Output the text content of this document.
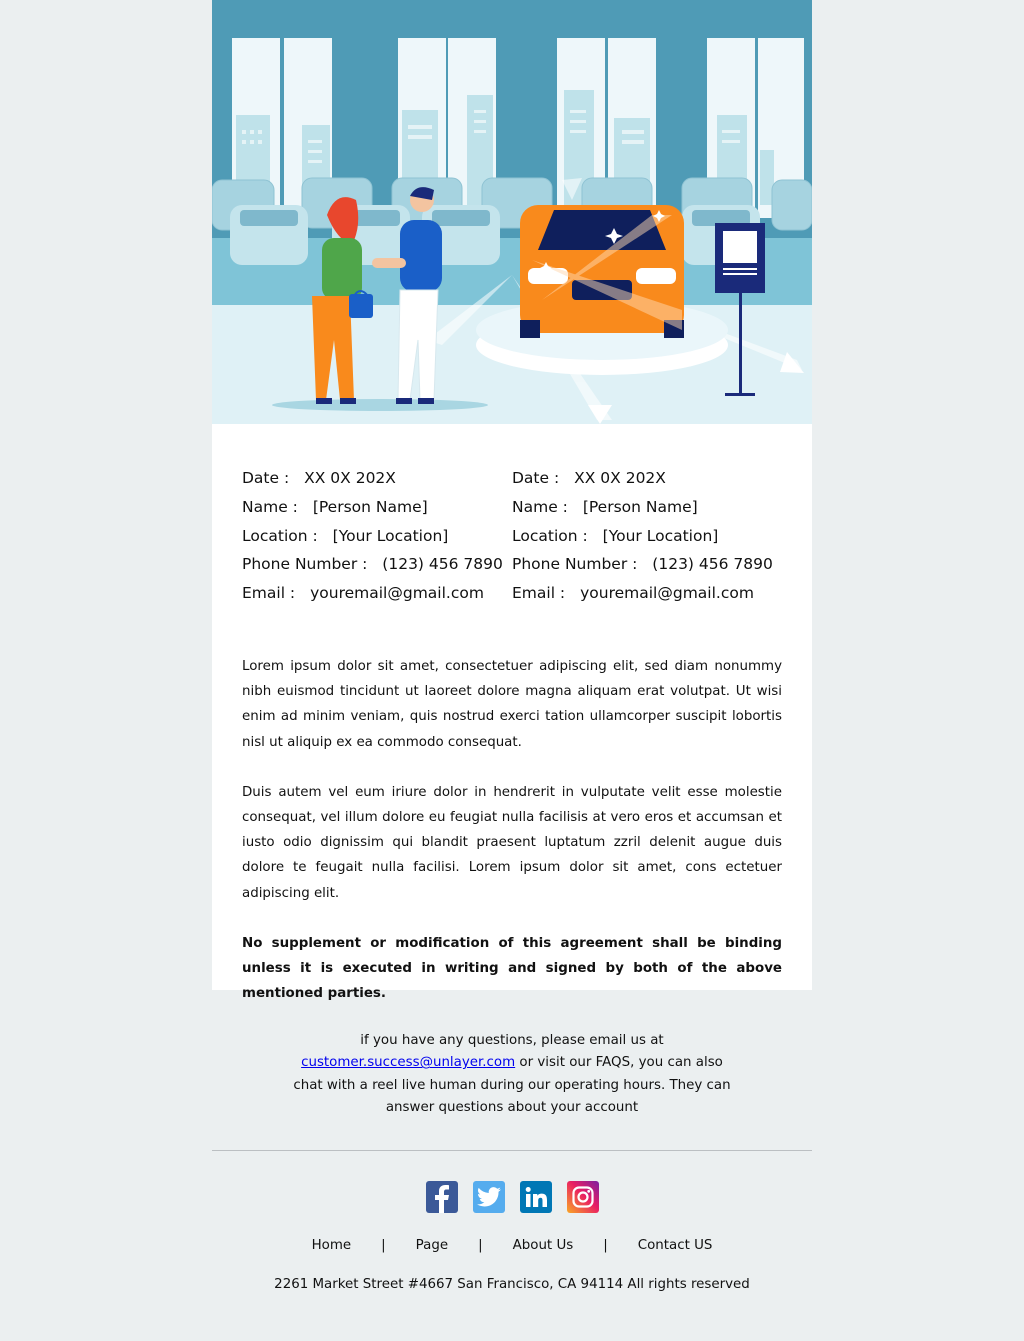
Date : XX 0X 202X
Name : [Person Name]
Location : [Your Location]
Phone Number : (123) 456 7890
Email : youremail@gmail.com
Date : XX 0X 202X
Name : [Person Name]
Location : [Your Location]
Phone Number : (123) 456 7890
Email : youremail@gmail.com

Lorem ipsum dolor sit amet, consectetuer adipiscing elit, sed diam nonummy nibh euismod tincidunt ut laoreet dolore magna aliquam erat volutpat. Ut wisi enim ad minim veniam, quis nostrud exerci tation ullamcorper suscipit lobortis nisl ut aliquip ex ea commodo consequat.

Duis autem vel eum iriure dolor in hendrerit in vulputate velit esse molestie consequat, vel illum dolore eu feugiat nulla facilisis at vero eros et accumsan et iusto odio dignissim qui blandit praesent luptatum zzril delenit augue duis dolore te feugait nulla facilisi. Lorem ipsum dolor sit amet, cons ectetuer adipiscing elit.

No supplement or modification of this agreement shall be binding unless it is executed in writing and signed by both of the above mentioned parties.

if you have any questions, please email us at
customer.success@unlayer.com or visit our FAQS, you can also chat with a reel live human during our operating hours. They can answer questions about your account

Home | Page | About Us | Contact US

2261 Market Street #4667 San Francisco, CA 94114 All rights reserved
